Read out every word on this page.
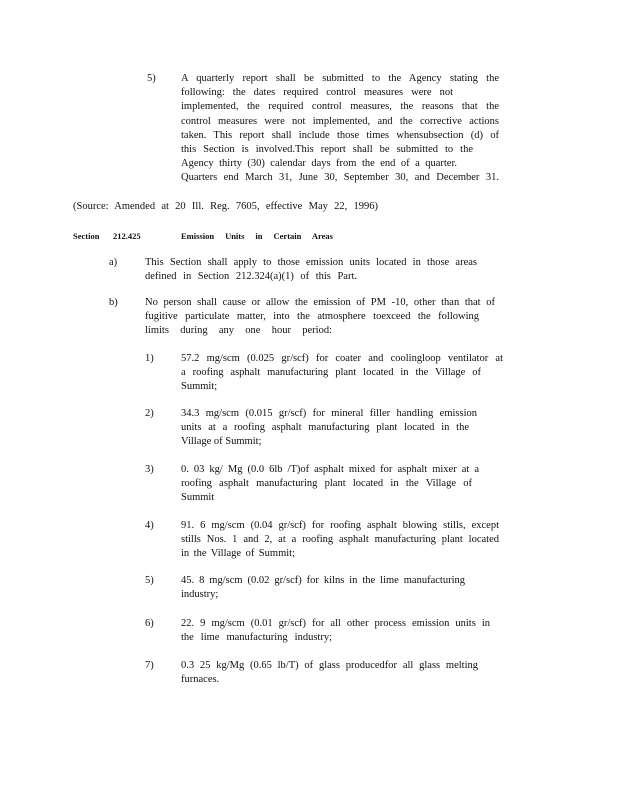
5) A quarterly report shall be submitted to the Agency stating the
following: the dates required control measures were not
implemented, the required control measures, the reasons that the
control measures were not implemented, and the corrective actions
taken. This report shall include those times whensubsection (d) of
this Section is involved.This report shall be submitted to the
Agency thirty (30) calendar days from the end of a quarter.
Quarters end March 31, June 30, September 30, and December 31.
(Source: Amended at 20 Ill. Reg. 7605, effective May 22, 1996)
Section 212.425	Emission Units in Certain Areas
a)	This Section shall apply to those emission units located in those areas
defined in Section 212.324(a)(1) of this Part.
b)	No person shall cause or allow the emission of PM -10, other than that of
fugitive particulate matter, into the atmosphere toexceed the following
limits during any one hour period:
1)	57.2 mg/scm (0.025 gr/scf) for coater and coolingloop ventilator at
a roofing asphalt manufacturing plant located in the Village of
Summit;
2)	34.3 mg/scm (0.015 gr/scf) for mineral filler handling emission
units at a roofing asphalt manufacturing plant located in the
Village of Summit;
3)	0. 03 kg/ Mg (0.0 6lb /T)of asphalt mixed for asphalt mixer at a
roofing asphalt manufacturing plant located in the Village of
Summit
4)	91. 6 mg/scm (0.04 gr/scf) for roofing asphalt blowing stills, except
stills Nos. 1 and 2, at a roofing asphalt manufacturing plant located
in the Village of Summit;
5)	45. 8 mg/scm (0.02 gr/scf) for kilns in the lime manufacturing
industry;
6)	22. 9 mg/scm (0.01 gr/scf) for all other process emission units in
the lime manufacturing industry;
7)	0.3 25 kg/Mg (0.65 lb/T) of glass producedfor all glass melting
furnaces.
